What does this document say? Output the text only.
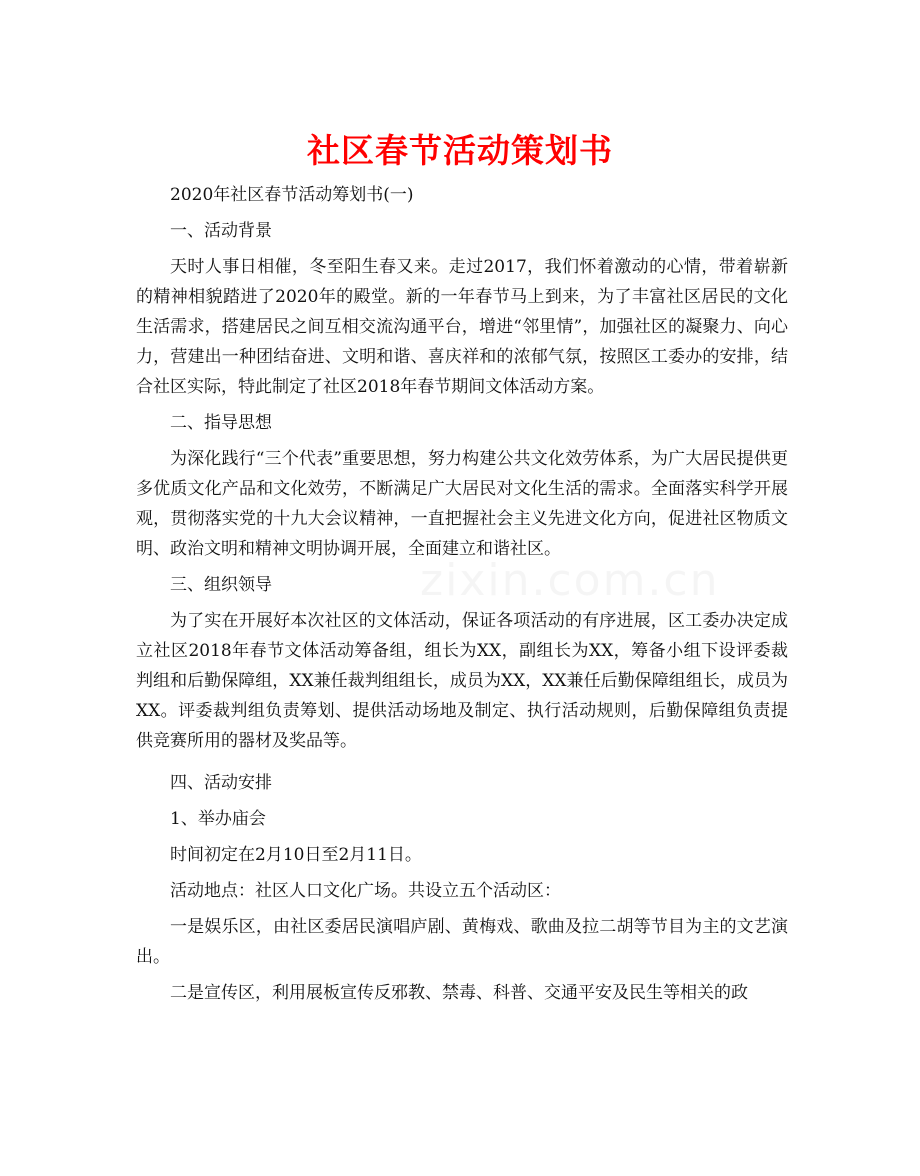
zixin.com.cn
社区春节活动策划书

2020年社区春节活动筹划书(一)

一、活动背景

天时人事日相催，冬至阳生春又来。走过2017，我们怀着激动的心情，带着崭新的精神相貌踏进了2020年的殿堂。新的一年春节马上到来，为了丰富社区居民的文化生活需求，搭建居民之间互相交流沟通平台，增进“邻里情”，加强社区的凝聚力、向心力，营建出一种团结奋进、文明和谐、喜庆祥和的浓郁气氛，按照区工委办的安排，结合社区实际，特此制定了社区2018年春节期间文体活动方案。

二、指导思想

为深化践行“三个代表”重要思想，努力构建公共文化效劳体系，为广大居民提供更多优质文化产品和文化效劳，不断满足广大居民对文化生活的需求。全面落实科学开展观，贯彻落实党的十九大会议精神，一直把握社会主义先进文化方向，促进社区物质文明、政治文明和精神文明协调开展，全面建立和谐社区。

三、组织领导

为了实在开展好本次社区的文体活动，保证各项活动的有序进展，区工委办决定成立社区2018年春节文体活动筹备组，组长为XX，副组长为XX，筹备小组下设评委裁判组和后勤保障组，XX兼任裁判组组长，成员为XX，XX兼任后勤保障组组长，成员为XX。评委裁判组负责筹划、提供活动场地及制定、执行活动规则，后勤保障组负责提供竞赛所用的器材及奖品等。

四、活动安排

1、举办庙会

时间初定在2月10日至2月11日。

活动地点：社区人口文化广场。共设立五个活动区：

一是娱乐区，由社区委居民演唱庐剧、黄梅戏、歌曲及拉二胡等节目为主的文艺演出。

二是宣传区，利用展板宣传反邪教、禁毒、科普、交通平安及民生等相关的政
